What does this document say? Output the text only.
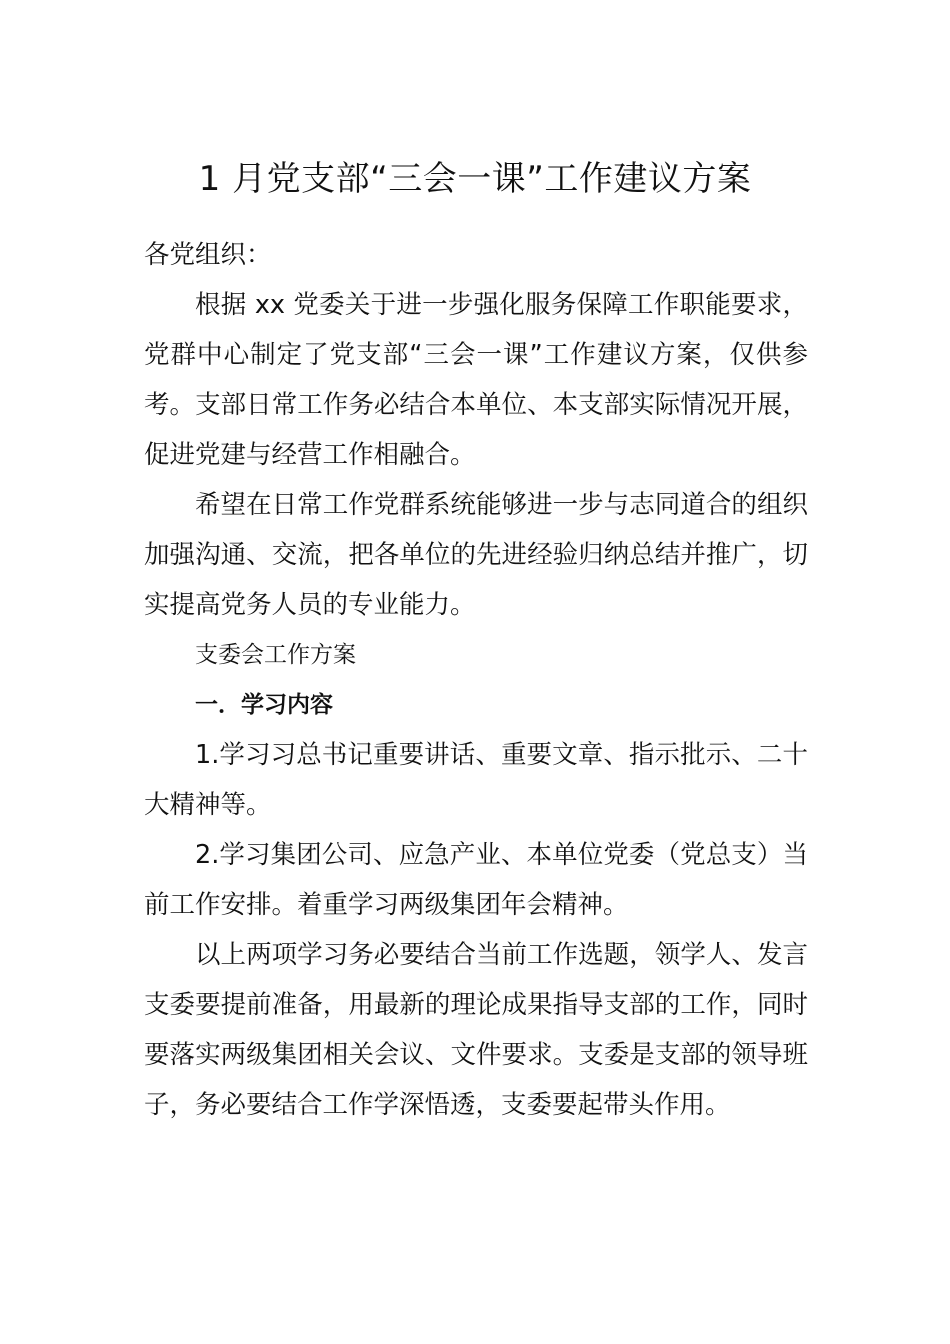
1 月党支部“三会一课”工作建议方案

各党组织：

根据 xx 党委关于进一步强化服务保障工作职能要求，党群中心制定了党支部“三会一课”工作建议方案，仅供参考。支部日常工作务必结合本单位、本支部实际情况开展，促进党建与经营工作相融合。

希望在日常工作党群系统能够进一步与志同道合的组织加强沟通、交流，把各单位的先进经验归纳总结并推广，切实提高党务人员的专业能力。

支委会工作方案

一．学习内容

1.学习习总书记重要讲话、重要文章、指示批示、二十大精神等。

2.学习集团公司、应急产业、本单位党委（党总支）当前工作安排。着重学习两级集团年会精神。

以上两项学习务必要结合当前工作选题，领学人、发言支委要提前准备，用最新的理论成果指导支部的工作，同时要落实两级集团相关会议、文件要求。支委是支部的领导班子，务必要结合工作学深悟透，支委要起带头作用。
